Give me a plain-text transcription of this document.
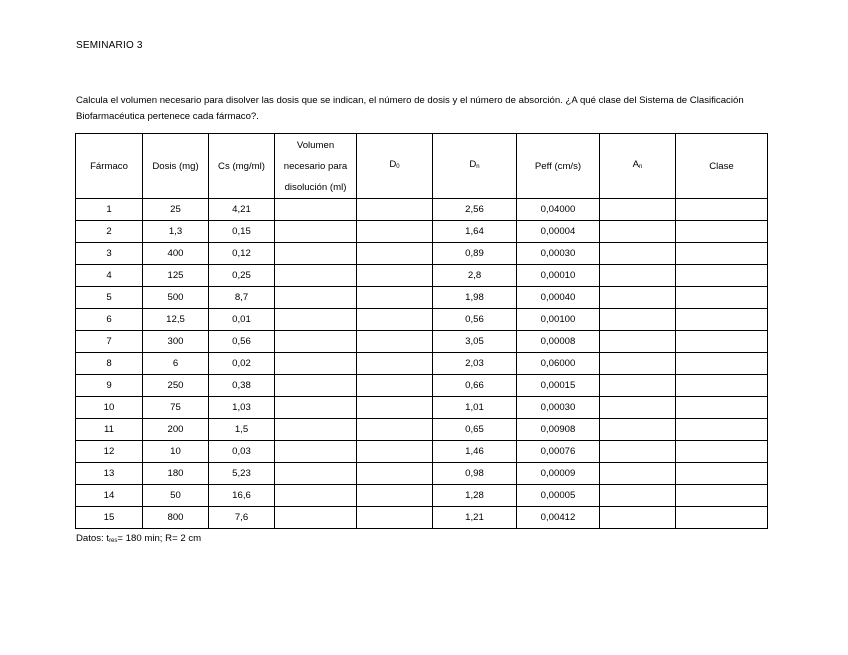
SEMINARIO 3
Calcula el volumen necesario para disolver las dosis que se indican, el número de dosis y el número de absorción. ¿A qué clase del Sistema de Clasificación Biofarmacéutica pertenece cada fármaco?.
Fármaco	Dosis (mg)	Cs (mg/ml)	Volumen
necesario para
disolución (ml)	D0	Dn	Peff (cm/s)	An	Clase
1	25	4,21			2,56	0,04000		
2	1,3	0,15			1,64	0,00004		
3	400	0,12			0,89	0,00030		
4	125	0,25			2,8	0,00010		
5	500	8,7			1,98	0,00040		
6	12,5	0,01			0,56	0,00100		
7	300	0,56			3,05	0,00008		
8	6	0,02			2,03	0,06000		
9	250	0,38			0,66	0,00015		
10	75	1,03			1,01	0,00030		
11	200	1,5			0,65	0,00908		
12	10	0,03			1,46	0,00076		
13	180	5,23			0,98	0,00009		
14	50	16,6			1,28	0,00005		
15	800	7,6			1,21	0,00412		
Datos: tres= 180 min; R= 2 cm
